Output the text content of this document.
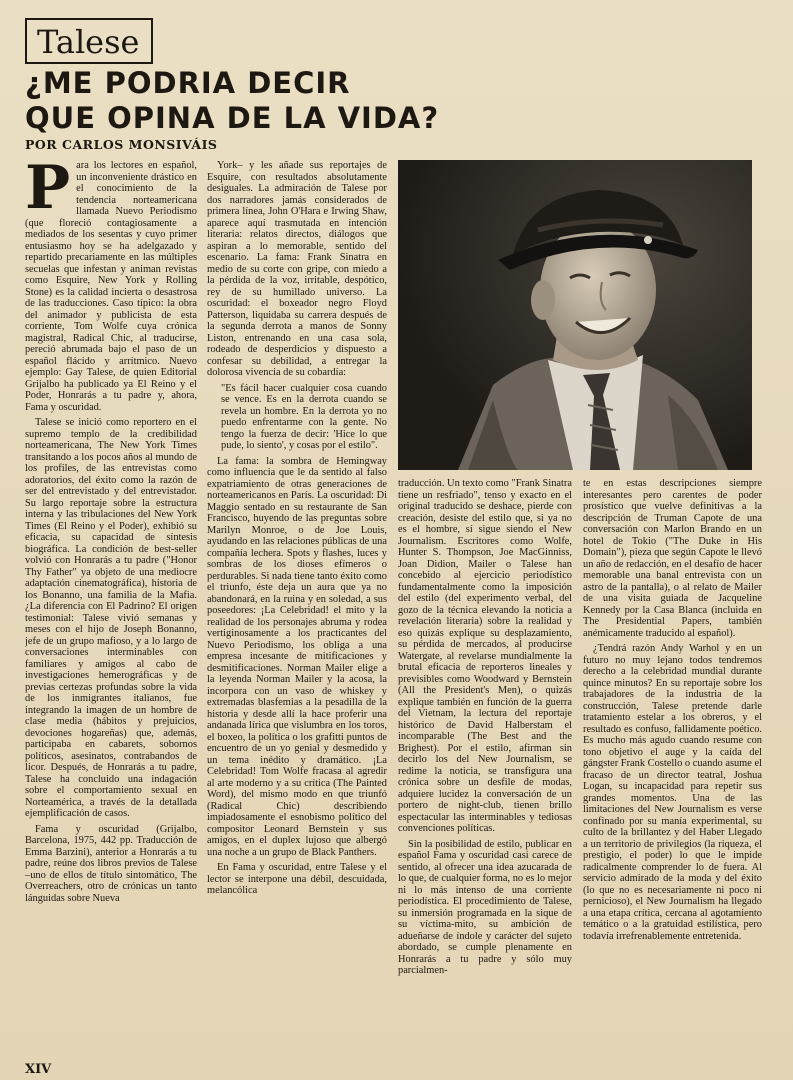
Talese
¿ME PODRIA DECIR
QUE OPINA DE LA VIDA?
POR CARLOS MONSIVÁIS
P ara los lectores en español, un inconveniente drástico en el conocimiento de la tendencia norteamericana llamada Nuevo Periodismo (que floreció contagiosamente a mediados de los sesentas y cuyo primer entusiasmo hoy se ha adelgazado y repartido precariamente en las múltiples secuelas que infestan y animan revistas como Esquire, New York y Rolling Stone) es la calidad incierta o desastrosa de las traducciones. Caso típico: la obra del animador y publicista de esta corriente, Tom Wolfe cuya crónica magistral, Radical Chic, al traducirse, pereció abrumada bajo el paso de un español flácido y arrítmico. Nuevo ejemplo: Gay Talese, de quien Editorial Grijalbo ha publicado ya El Reino y el Poder, Honrarás a tu padre y, ahora, Fama y oscuridad.

Talese se inició como reportero en el supremo templo de la credibilidad norteamericana, The New York Times transitando a los pocos años al mundo de los profiles, de las entrevistas como adoratorios, del éxito como la razón de ser del entrevistado y del entrevistador. Su largo reportaje sobre la estructura interna y las tribulaciones del New York Times (El Reino y el Poder), exhibió su eficacia, su capacidad de síntesis biográfica. La condición de best-seller volvió con Honrarás a tu padre ("Honor Thy Father" ya objeto de una mediocre adaptación cinematográfica), historia de los Bonanno, una familia de la Mafia. ¿La diferencia con El Padrino? El origen testimonial: Talese vivió semanas y meses con el hijo de Joseph Bonanno, jefe de un grupo mafioso, y a lo largo de conversaciones interminables con familiares y amigos al cabo de investigaciones hemerográficas y de previas certezas profundas sobre la vida de los inmigrantes italianos, fue integrando la imagen de un hombre de clase media (hábitos y prejuicios, devociones hogareñas) que, además, participaba en cabarets, sobornos políticos, asesinatos, contrabandos de licor. Después, de Honrarás a tu padre, Talese ha concluido una indagación sobre el comportamiento sexual en Norteamérica, a través de la detallada ejemplificación de casos.

Fama y oscuridad (Grijalbo, Barcelona, 1975, 442 pp. Traducción de Emma Barzini), anterior a Honrarás a tu padre, reúne dos libros previos de Talese –uno de ellos de título sintomático, The Overreachers, otro de crónicas un tanto lánguidas sobre Nueva

York– y les añade sus reportajes de Esquire, con resultados absolutamente desiguales. La admiración de Talese por dos narradores jamás considerados de primera línea, John O'Hara e Irwing Shaw, aparece aquí trasmutada en intención literaria: relatos directos, diálogos que aspiran a lo memorable, sentido del escenario. La fama: Frank Sinatra en medio de su corte con gripe, con miedo a la pérdida de la voz, irritable, despótico, rey de su humillado universo. La oscuridad: el boxeador negro Floyd Patterson, liquidaba su carrera después de la segunda derrota a manos de Sonny Liston, entrenando en una casa sola, rodeado de desperdicios y dispuesto a confesar su debilidad, a entregar la dolorosa vivencia de su cobardía:

"Es fácil hacer cualquier cosa cuando se vence. Es en la derrota cuando se revela un hombre. En la derrota yo no puedo enfrentarme con la gente. No tengo la fuerza de decir: 'Hice lo que pude, lo siento', y cosas por el estilo".

La fama: la sombra de Hemingway como influencia que le da sentido al falso expatriamiento de otras generaciones de norteamericanos en París. La oscuridad: Di Maggio sentado en su restaurante de San Francisco, huyendo de las preguntas sobre Marilyn Monroe, o de Joe Louis, ayudando en las relaciones públicas de una compañía lechera. Spots y flashes, luces y sombras de los dioses efímeros o perdurables. Si nada tiene tanto éxito como el triunfo, éste deja un aura que ya no abandonará, en la ruina y en soledad, a sus poseedores: ¡La Celebridad! el mito y la realidad de los personajes abruma y rodea vertiginosamente a los practicantes del Nuevo Periodismo, los obliga a una empresa incesante de mitificaciones y desmitificaciones. Norman Mailer elige a la leyenda Norman Mailer y la acosa, la incorpora con un vaso de whiskey y extremadas blasfemias a la pesadilla de la historia y desde allí la hace proferir una andanada lírica que vislumbra en los toros, el boxeo, la política o los grafitti puntos de encuentro de un yo genial y desmedido y un tema inédito y dramático. ¡La Celebridad! Tom Wolfe fracasa al agredir al arte moderno y a su crítica (The Painted Word), del mismo modo en que triunfó (Radical Chic) describiendo impiadosamente el esnobismo político del compositor Leonard Bernstein y sus amigos, en el duplex lujoso que albergó una noche a un grupo de Black Panthers.

En Fama y oscuridad, entre Talese y el lector se interpone una débil, descuidada, melancólica

traducción. Un texto como "Frank Sinatra tiene un resfriado", tenso y exacto en el original traducido se deshace, pierde con creación, desiste del estilo que, si ya no es el hombre, sí sigue siendo el New Journalism. Escritores como Wolfe, Hunter S. Thompson, Joe MacGinniss, Joan Didion, Mailer o Talese han concebido al ejercicio periodístico fundamentalmente como la imposición del estilo (del experimento verbal, del gozo de la técnica elevando la noticia a revelación literaria) sobre la realidad y eso quizás explique su desplazamiento, su pérdida de mercados, al producirse Watergate, al revelarse mundialmente la brutal eficacia de reporteros lineales y previsibles como Woodward y Bernstein (All the President's Men), o quizás explique también en función de la guerra del Vietnam, la lectura del reportaje histórico de David Halberstam el incomparable (The Best and the Brighest). Por el estilo, afirman sin decirlo los del New Journalism, se redime la noticia, se transfigura una crónica sobre un desfile de modas, adquiere lucidez la conversación de un portero de night-club, tienen brillo espectacular las interminables y tediosas convenciones políticas.

Sin la posibilidad de estilo, publicar en español Fama y oscuridad casi carece de sentido, al ofrecer una idea azucarada de lo que, de cualquier forma, no es lo mejor ni lo más intenso de una corriente periodística. El procedimiento de Talese, su inmersión programada en la sique de su víctima-mito, su ambición de adueñarse de índole y carácter del sujeto abordado, se cumple plenamente en Honrarás a tu padre y sólo muy parcialmen-

te en estas descripciones siempre interesantes pero carentes de poder prosístico que vuelve definitivas a la descripción de Truman Capote de una conversación con Marlon Brando en un hotel de Tokio ("The Duke in His Domain"), pieza que según Capote le llevó un año de redacción, en el desafío de hacer memorable una banal entrevista con un astro de la pantalla), o al relato de Mailer de una visita guiada de Jacqueline Kennedy por la Casa Blanca (incluida en The Presidential Papers, también anémicamente traducido al español).

¿Tendrá razón Andy Warhol y en un futuro no muy lejano todos tendremos derecho a la celebridad mundial durante quince minutos? En su reportaje sobre los trabajadores de la industria de la construcción, Talese pretende darle tratamiento estelar a los obreros, y el resultado es confuso, fallidamente poético. Es mucho más agudo cuando resume con tono objetivo el auge y la caída del gángster Frank Costello o cuando asume el fracaso de un director teatral, Joshua Logan, su incapacidad para repetir sus grandes momentos. Una de las limitaciones del New Journalism es verse confinado por su manía experimental, su culto de la brillantez y del Haber Llegado a un territorio de privilegios (la riqueza, el prestigio, el poder) lo que le impide radicalmente comprender lo de fuera. Al servicio admirado de la moda y del éxito (lo que no es necesariamente ni poco ni pernicioso), el New Journalism ha llegado a una etapa crítica, cercana al agotamiento temático o a la gratuidad estilística, pero todavía irrefrenablemente entretenida.

XIV
